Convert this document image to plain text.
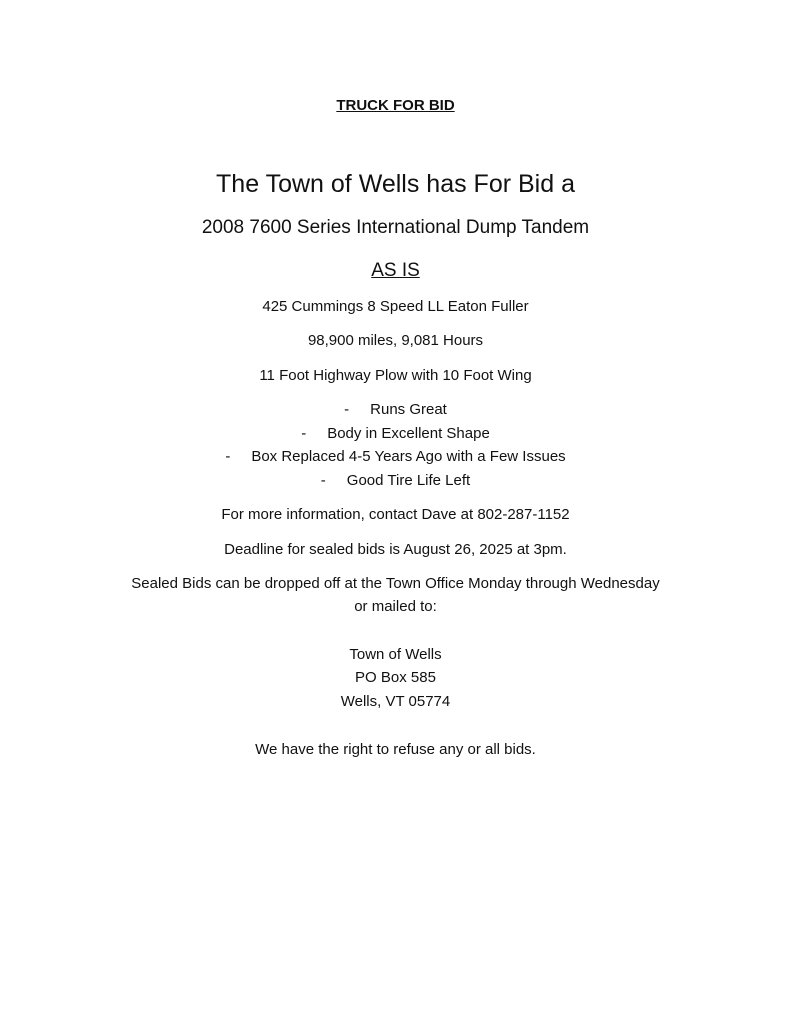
TRUCK FOR BID
The Town of Wells has For Bid a
2008 7600 Series International Dump Tandem
AS IS
425 Cummings 8 Speed LL Eaton Fuller
98,900 miles, 9,081 Hours
11 Foot Highway Plow with 10 Foot Wing
- Runs Great
- Body in Excellent Shape
- Box Replaced 4-5 Years Ago with a Few Issues
- Good Tire Life Left
For more information, contact Dave at 802-287-1152
Deadline for sealed bids is August 26, 2025 at 3pm.
Sealed Bids can be dropped off at the Town Office Monday through Wednesday
or mailed to:
Town of Wells
PO Box 585
Wells, VT 05774
We have the right to refuse any or all bids.
